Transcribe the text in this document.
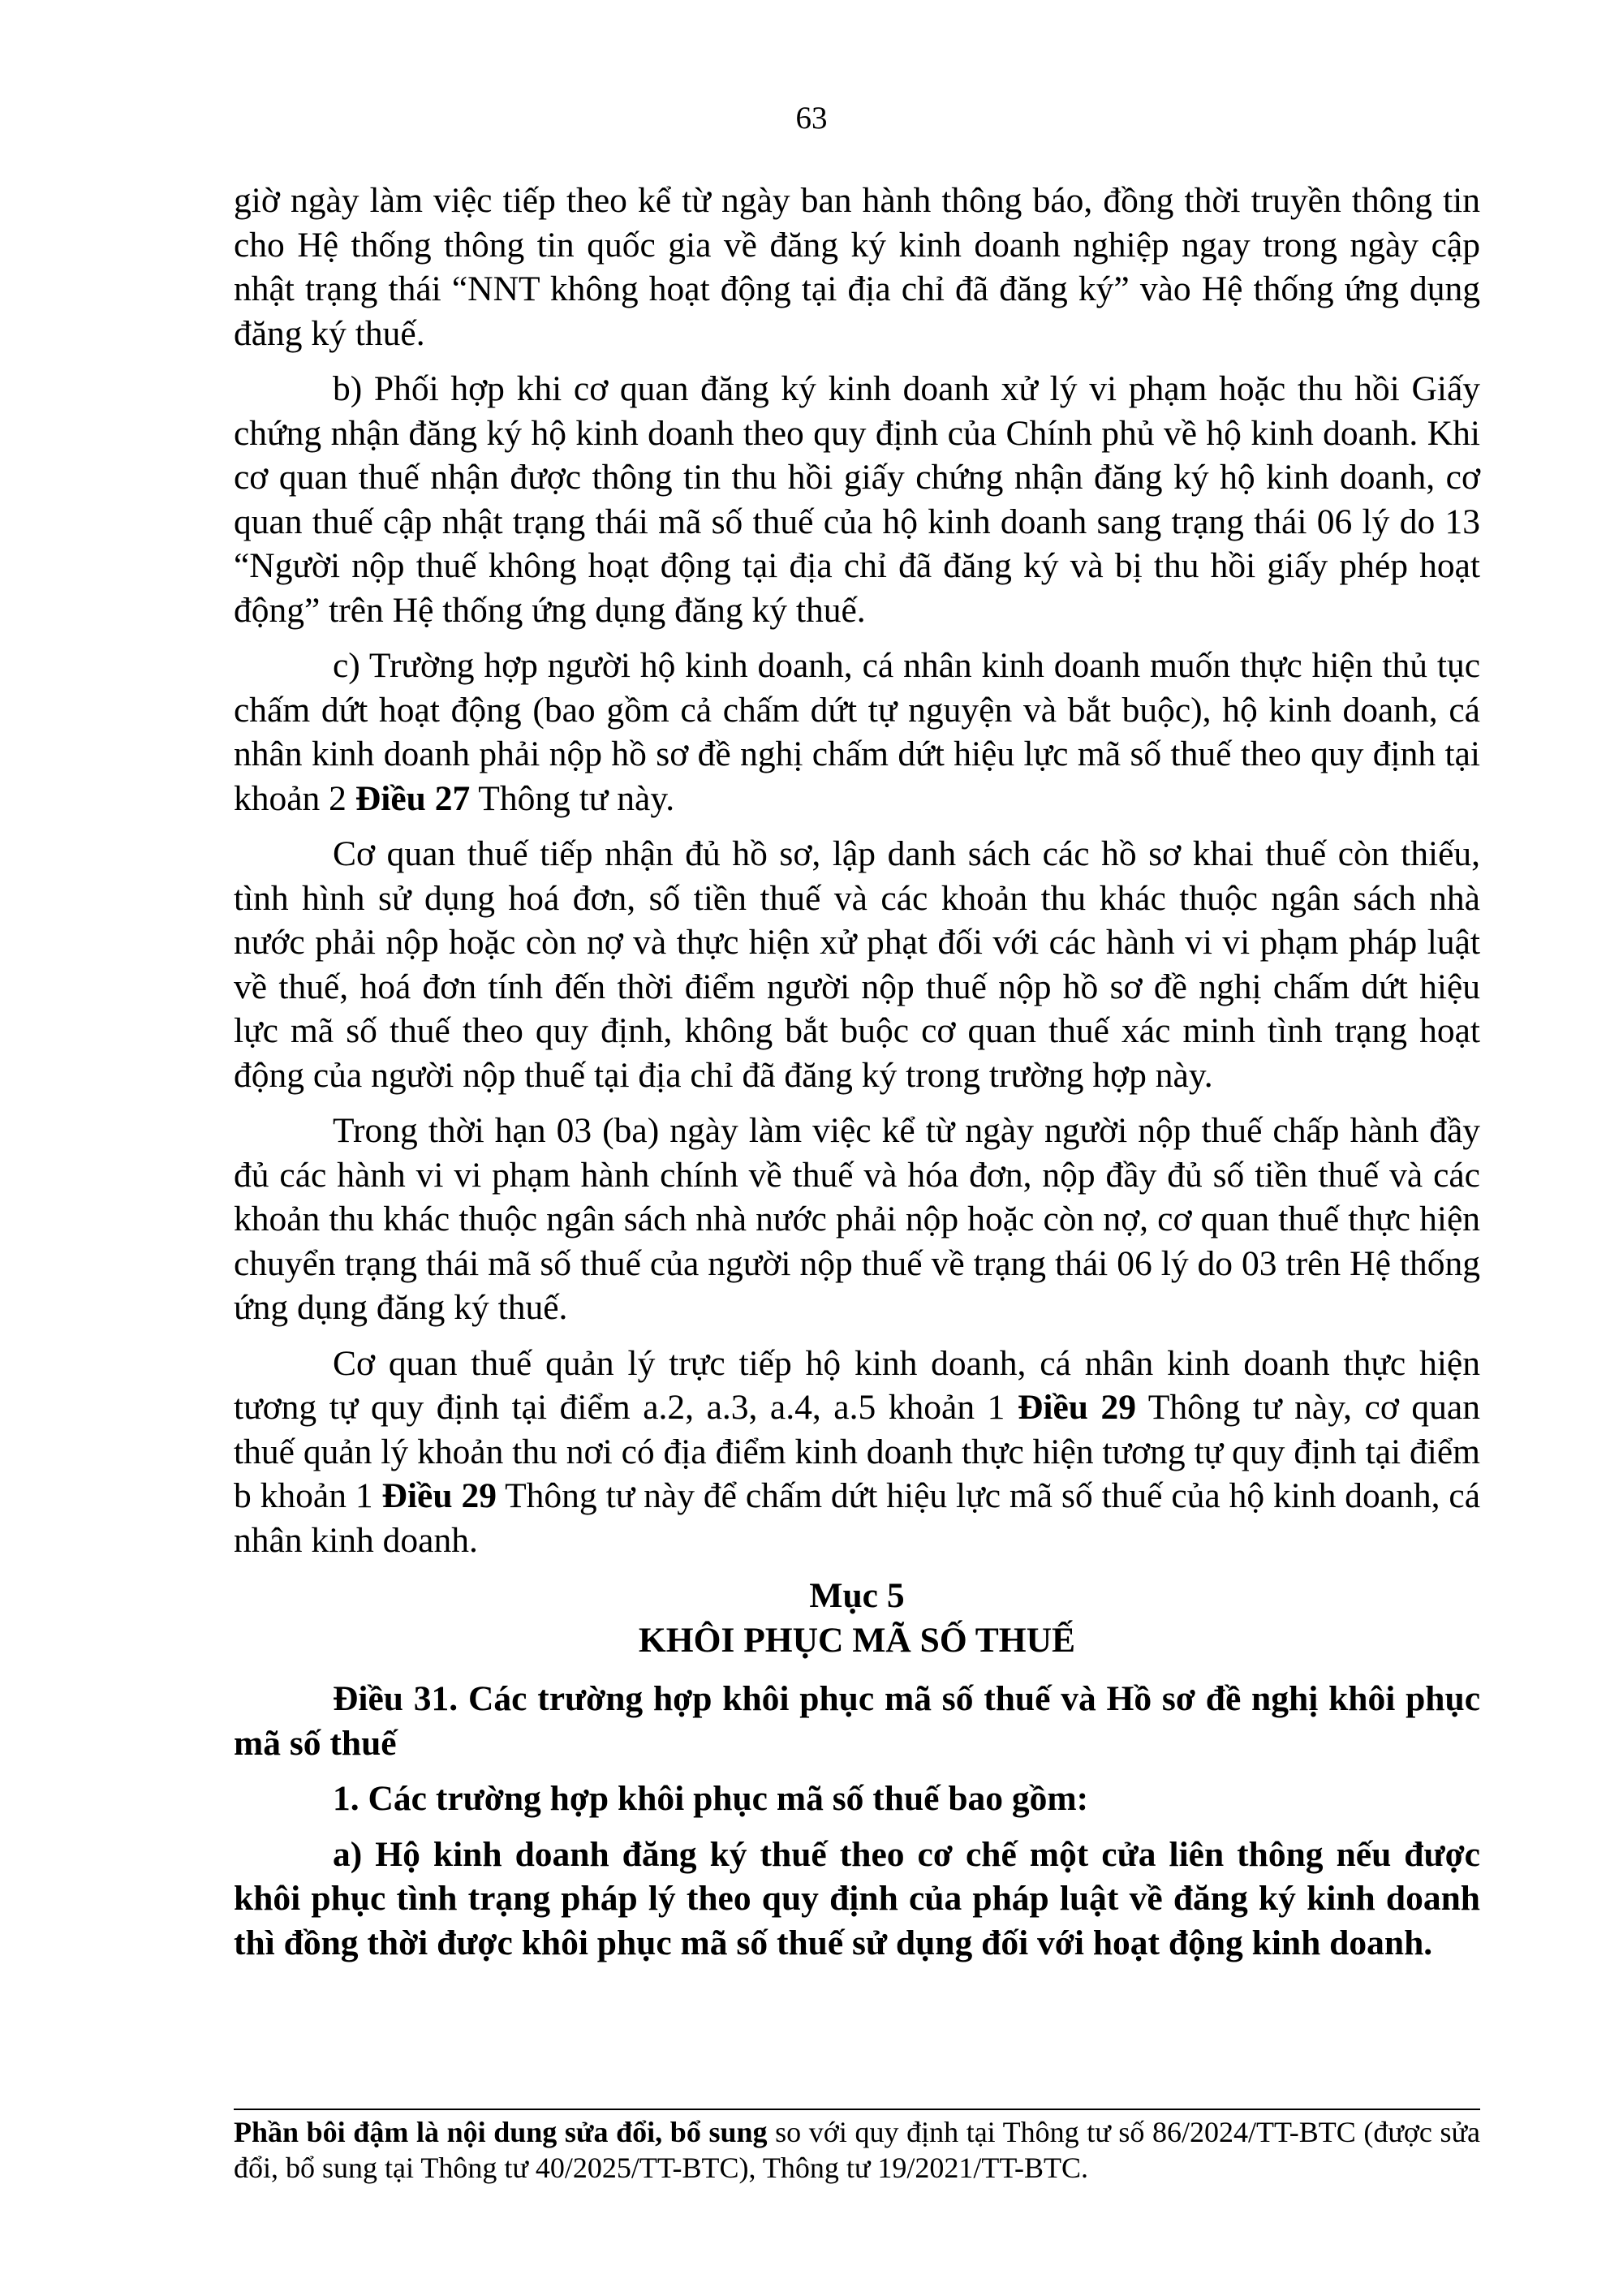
63

giờ ngày làm việc tiếp theo kể từ ngày ban hành thông báo, đồng thời truyền thông tin cho Hệ thống thông tin quốc gia về đăng ký kinh doanh nghiệp ngay trong ngày cập nhật trạng thái “NNT không hoạt động tại địa chỉ đã đăng ký” vào Hệ thống ứng dụng đăng ký thuế.

b) Phối hợp khi cơ quan đăng ký kinh doanh xử lý vi phạm hoặc thu hồi Giấy chứng nhận đăng ký hộ kinh doanh theo quy định của Chính phủ về hộ kinh doanh. Khi cơ quan thuế nhận được thông tin thu hồi giấy chứng nhận đăng ký hộ kinh doanh, cơ quan thuế cập nhật trạng thái mã số thuế của hộ kinh doanh sang trạng thái 06 lý do 13 “Người nộp thuế không hoạt động tại địa chỉ đã đăng ký và bị thu hồi giấy phép hoạt động” trên Hệ thống ứng dụng đăng ký thuế.

c) Trường hợp người hộ kinh doanh, cá nhân kinh doanh muốn thực hiện thủ tục chấm dứt hoạt động (bao gồm cả chấm dứt tự nguyện và bắt buộc), hộ kinh doanh, cá nhân kinh doanh phải nộp hồ sơ đề nghị chấm dứt hiệu lực mã số thuế theo quy định tại khoản 2 Điều 27 Thông tư này.

Cơ quan thuế tiếp nhận đủ hồ sơ, lập danh sách các hồ sơ khai thuế còn thiếu, tình hình sử dụng hoá đơn, số tiền thuế và các khoản thu khác thuộc ngân sách nhà nước phải nộp hoặc còn nợ và thực hiện xử phạt đối với các hành vi vi phạm pháp luật về thuế, hoá đơn tính đến thời điểm người nộp thuế nộp hồ sơ đề nghị chấm dứt hiệu lực mã số thuế theo quy định, không bắt buộc cơ quan thuế xác minh tình trạng hoạt động của người nộp thuế tại địa chỉ đã đăng ký trong trường hợp này.

Trong thời hạn 03 (ba) ngày làm việc kể từ ngày người nộp thuế chấp hành đầy đủ các hành vi vi phạm hành chính về thuế và hóa đơn, nộp đầy đủ số tiền thuế và các khoản thu khác thuộc ngân sách nhà nước phải nộp hoặc còn nợ, cơ quan thuế thực hiện chuyển trạng thái mã số thuế của người nộp thuế về trạng thái 06 lý do 03 trên Hệ thống ứng dụng đăng ký thuế.

Cơ quan thuế quản lý trực tiếp hộ kinh doanh, cá nhân kinh doanh thực hiện tương tự quy định tại điểm a.2, a.3, a.4, a.5 khoản 1 Điều 29 Thông tư này, cơ quan thuế quản lý khoản thu nơi có địa điểm kinh doanh thực hiện tương tự quy định tại điểm b khoản 1 Điều 29 Thông tư này để chấm dứt hiệu lực mã số thuế của hộ kinh doanh, cá nhân kinh doanh.

Mục 5

KHÔI PHỤC MÃ SỐ THUẾ

Điều 31. Các trường hợp khôi phục mã số thuế và Hồ sơ đề nghị khôi phục mã số thuế

1. Các trường hợp khôi phục mã số thuế bao gồm:

a) Hộ kinh doanh đăng ký thuế theo cơ chế một cửa liên thông nếu được khôi phục tình trạng pháp lý theo quy định của pháp luật về đăng ký kinh doanh thì đồng thời được khôi phục mã số thuế sử dụng đối với hoạt động kinh doanh.

Phần bôi đậm là nội dung sửa đổi, bổ sung so với quy định tại Thông tư số 86/2024/TT-BTC (được sửa đổi, bổ sung tại Thông tư 40/2025/TT-BTC), Thông tư 19/2021/TT-BTC.
